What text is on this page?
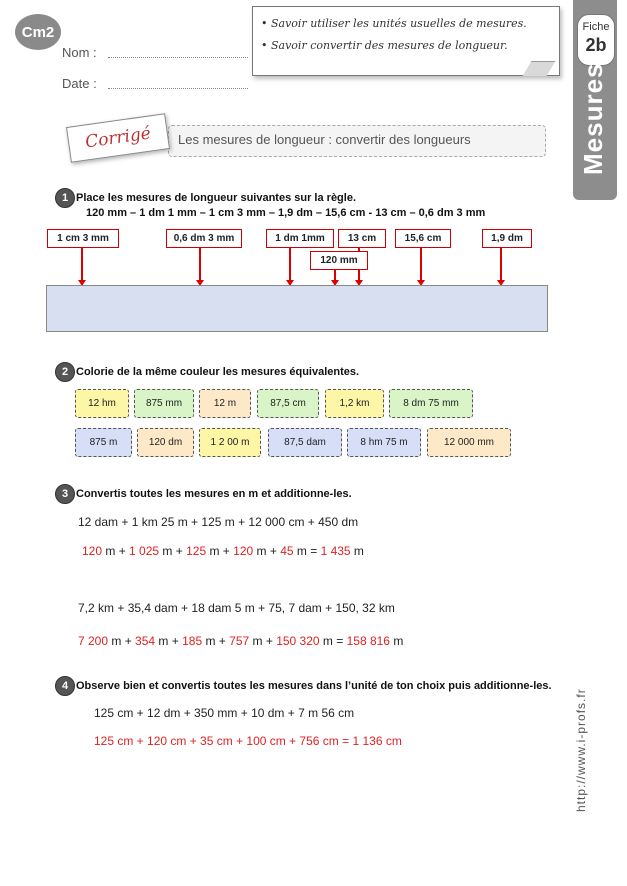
Cm2
Nom :
Date :
• Savoir utiliser les unités usuelles de mesures.
• Savoir convertir des mesures de longueur.
Fiche
2b
Mesures
Les mesures de longueur : convertir des longueurs
Corrigé
1 Place les mesures de longueur suivantes sur la règle.
120 mm – 1 dm 1 mm – 1 cm 3 mm – 1,9 dm – 15,6 cm - 13 cm – 0,6 dm 3 mm
1 cm 3 mm	0,6 dm 3 mm	1 dm 1mm	13 cm
120 mm
15,6 cm	1,9 dm
2 Colorie de la même couleur les mesures équivalentes.
12 hm	875 mm	12 m	87,5 cm	1,2 km	8 dm 75 mm
875 m	120 dm	1 2 00 m	87,5 dam	8 hm 75 m	12 000 mm
3 Convertis toutes les mesures en m et additionne-les.
12 dam + 1 km 25 m + 125 m + 12 000 cm + 450 dm
120 m + 1 025 m + 125 m + 120 m + 45 m = 1 435 m
7,2 km + 35,4 dam + 18 dam 5 m + 75, 7 dam + 150, 32 km
7 200 m + 354 m + 185 m + 757 m + 150 320 m = 158 816 m
4 Observe bien et convertis toutes les mesures dans l’unité de ton choix puis additionne-les.
125 cm + 12 dm + 350 mm + 10 dm + 7 m 56 cm
125 cm + 120 cm + 35 cm + 100 cm + 756 cm = 1 136 cm	http://www.i-profs.fr
